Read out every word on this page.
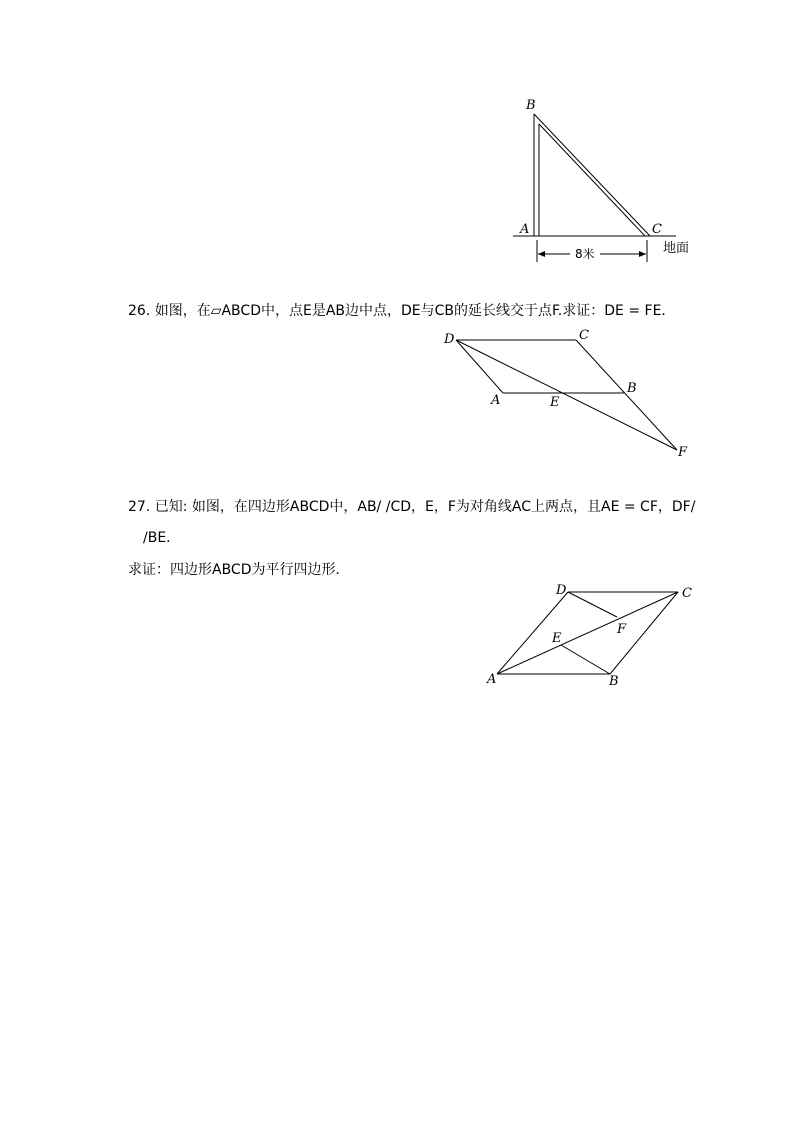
B
A	C
8米	地面
26. 如图，在▱ABCD中，点E是AB边中点，DE与CB的延长线交于点F.求证：DE = FE．
D	C
A	E
B
F
27. 已知: 如图，在四边形ABCD中，AB/ /CD，E，F为对角线AC上两点，且AE = CF，DF/
/BE．
求证：四边形ABCD为平行四边形．
D	C
F
E
A	B
